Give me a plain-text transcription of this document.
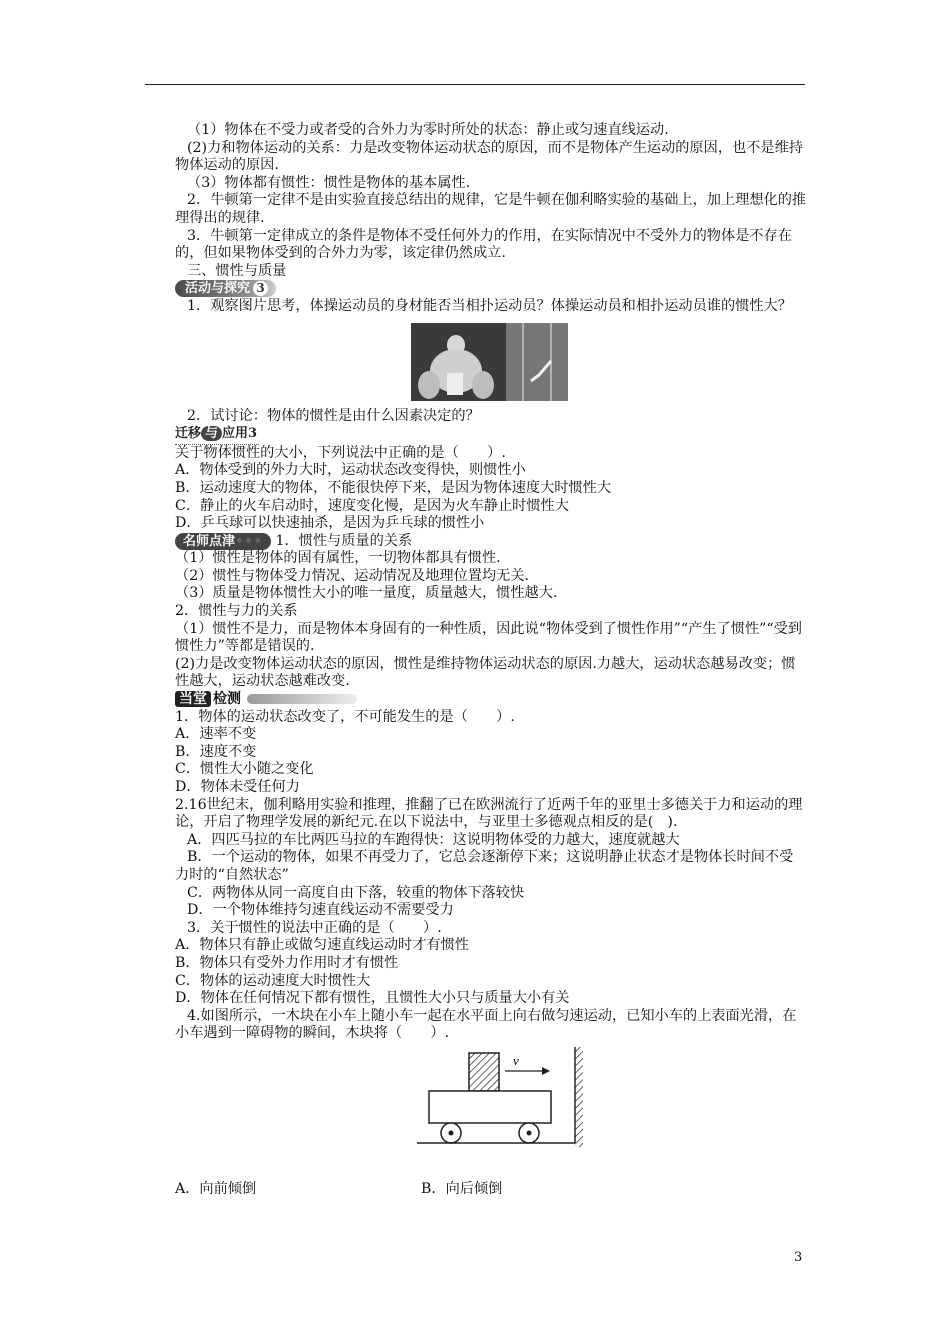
（1）物体在不受力或者受的合外力为零时所处的状态：静止或匀速直线运动.

(2)力和物体运动的关系：力是改变物体运动状态的原因，而不是物体产生运动的原因，也不是维持物体运动的原因.

（3）物体都有惯性：惯性是物体的基本属性.

2．牛顿第一定律不是由实验直接总结出的规律，它是牛顿在伽利略实验的基础上，加上理想化的推理得出的规律.

3．牛顿第一定律成立的条件是物体不受任何外力的作用，在实际情况中不受外力的物体是不存在的，但如果物体受到的合外力为零，该定律仍然成立.

三、惯性与质量

活动与探究 3

1．观察图片思考，体操运动员的身材能否当相扑运动员？体操运动员和相扑运动员谁的惯性大？

2．试讨论：物体的惯性是由什么因素决定的？

迁移 与 应用3

关于物体惯性的大小，下列说法中正确的是（　　）.

A．物体受到的外力大时，运动状态改变得快，则惯性小

B．运动速度大的物体，不能很快停下来，是因为物体速度大时惯性大

C．静止的火车启动时，速度变化慢，是因为火车静止时惯性大

D．乒乓球可以快速抽杀，是因为乒乓球的惯性小

名师点津••• 1．惯性与质量的关系

（1）惯性是物体的固有属性，一切物体都具有惯性.

（2）惯性与物体受力情况、运动情况及地理位置均无关.

（3）质量是物体惯性大小的唯一量度，质量越大，惯性越大.

2．惯性与力的关系

（1）惯性不是力，而是物体本身固有的一种性质，因此说“物体受到了惯性作用”“产生了惯性”“受到惯性力”等都是错误的.

(2)力是改变物体运动状态的原因，惯性是维持物体运动状态的原因.力越大，运动状态越易改变；惯性越大，运动状态越难改变.

当堂 检测

1．物体的运动状态改变了，不可能发生的是（　　）.

A．速率不变

B．速度不变

C．惯性大小随之变化

D．物体未受任何力

2.16世纪末，伽利略用实验和推理，推翻了已在欧洲流行了近两千年的亚里士多德关于力和运动的理论，开启了物理学发展的新纪元.在以下说法中，与亚里士多德观点相反的是(　).

A．四匹马拉的车比两匹马拉的车跑得快：这说明物体受的力越大，速度就越大

B．一个运动的物体，如果不再受力了，它总会逐渐停下来；这说明静止状态才是物体长时间不受力时的“自然状态”

C．两物体从同一高度自由下落，较重的物体下落较快

D．一个物体维持匀速直线运动不需要受力

3．关于惯性的说法中正确的是（　　）.

A．物体只有静止或做匀速直线运动时才有惯性

B．物体只有受外力作用时才有惯性

C．物体的运动速度大时惯性大

D．物体在任何情况下都有惯性，且惯性大小只与质量大小有关

4.如图所示，一木块在小车上随小车一起在水平面上向右做匀速运动，已知小车的上表面光滑，在小车遇到一障碍物的瞬间，木块将（　　）.

v
A．向前倾倒	B．向后倾倒
3
